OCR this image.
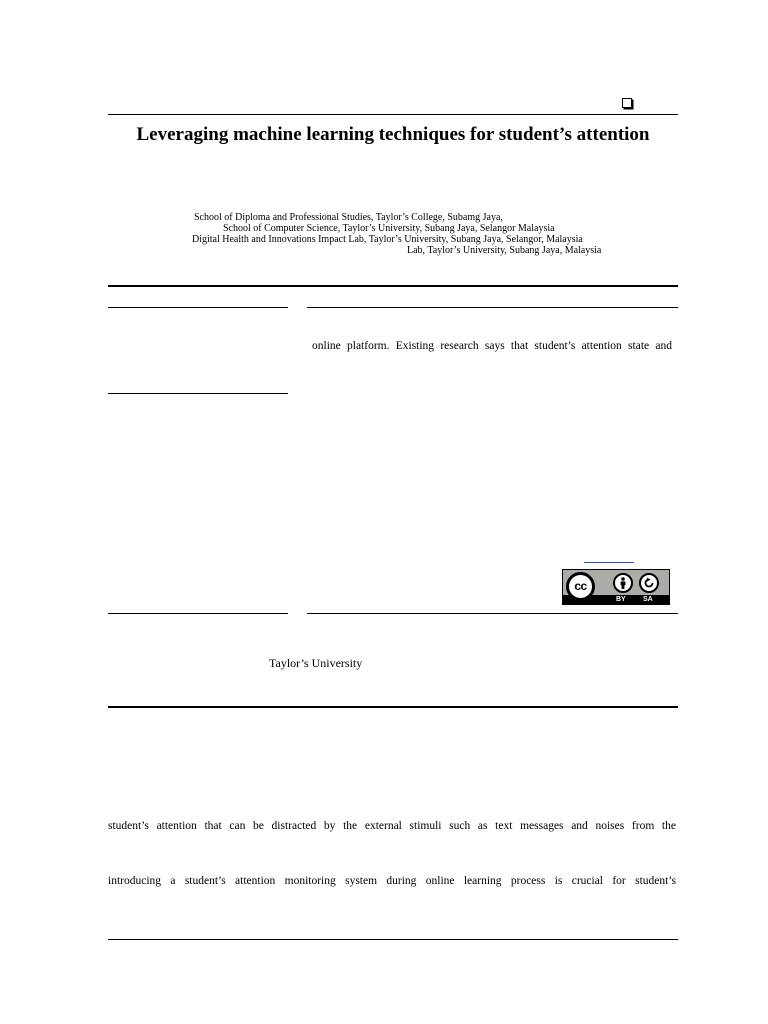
Leveraging machine learning techniques for student’s attention
School of Diploma and Professional Studies, Taylor’s College, Subamg Jaya,
School of Computer Science, Taylor’s University, Subang Jaya, Selangor Malaysia
Digital Health and Innovations Impact Lab, Taylor’s University, Subang Jaya, Selangor, Malaysia
Lab, Taylor’s University, Subang Jaya, Malaysia
online platform. Existing research says that student’s attention state and
cc
BY SA
Taylor’s University
student’s attention that can be distracted by the external stimuli such as text messages and noises from the
introducing a student’s attention monitoring system during online learning process is crucial for student’s
